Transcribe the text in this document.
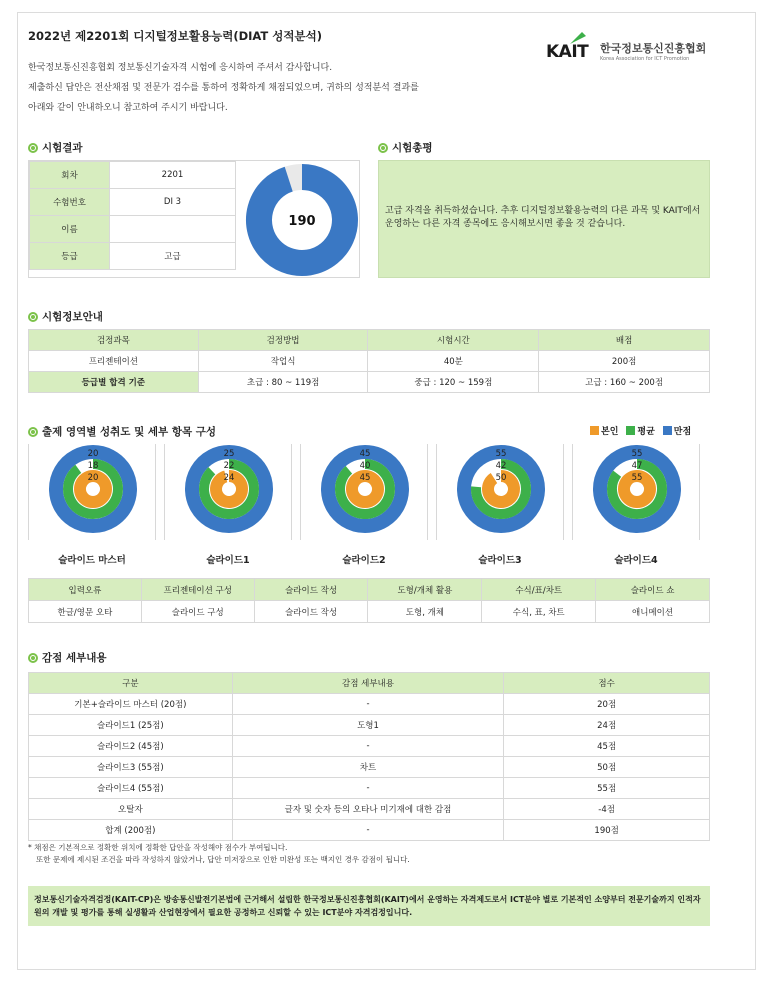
2022년 제2201회 디지털정보활용능력(DIAT 성적분석)
한국정보통신진흥협회 정보통신기술자격 시험에 응시하여 주셔서 감사합니다.
제출하신 답안은 전산채점 및 전문가 검수를 통하여 정확하게 채점되었으며, 귀하의 성적분석 결과를
아래와 같이 안내하오니 참고하여 주시기 바랍니다.
KAIT 한국정보통신진흥협회
Korea Association for ICT Promotion
시험결과
회차	2201
수험번호	DI 3
이름	
등급	고급
190
시험총평
고급 자격을 취득하셨습니다. 추후 디지털정보활용능력의 다른 과목 및 KAIT에서 운영하는 다른 자격 종목에도 응시해보시면 좋을 것 같습니다.
시험정보안내
검정과목	검정방법	시험시간	배점
프리젠테이션	작업식	40분	200점
등급별 합격 기준	초급 : 80 ~ 119점	중급 : 120 ~ 159점	고급 : 160 ~ 200점
출제 영역별 성취도 및 세부 항목 구성	본인	평균	만점
20
18
20
슬라이드 마스터
25
22
24
슬라이드1
45
40
45
슬라이드2
55
42
50
슬라이드3
55
47
55
슬라이드4
입력오류	프리젠테이션 구성	슬라이드 작성	도형/개체 활용	수식/표/차트	슬라이드 쇼
한글/영문 오타	슬라이드 구성	슬라이드 작성	도형, 개체	수식, 표, 차트	애니메이션
감점 세부내용
구분	감점 세부내용	점수
기본+슬라이드 마스터 (20점)	-	20점
슬라이드1 (25점)	도형1	24점
슬라이드2 (45점)	-	45점
슬라이드3 (55점)	차트	50점
슬라이드4 (55점)	-	55점
오탈자	글자 및 숫자 등의 오타나 미기재에 대한 감점	-4점
합계 (200점)	-	190점
* 채점은 기본적으로 정확한 위치에 정확한 답안을 작성해야 점수가 부여됩니다.
또한 문제에 제시된 조건을 따라 작성하지 않았거나, 답안 미저장으로 인한 미완성 또는 백지인 경우 감점이 됩니다.
정보통신기술자격검정(KAIT-CP)은 방송통신발전기본법에 근거해서 설립한 한국정보통신진흥협회(KAIT)에서 운영하는 자격제도로서 ICT분야 별로 기본적인 소양부터 전문기술까지 인적자원의 개발 및 평가를 통해 실생활과 산업현장에서 필요한 공정하고 신뢰할 수 있는 ICT분야 자격검정입니다.
